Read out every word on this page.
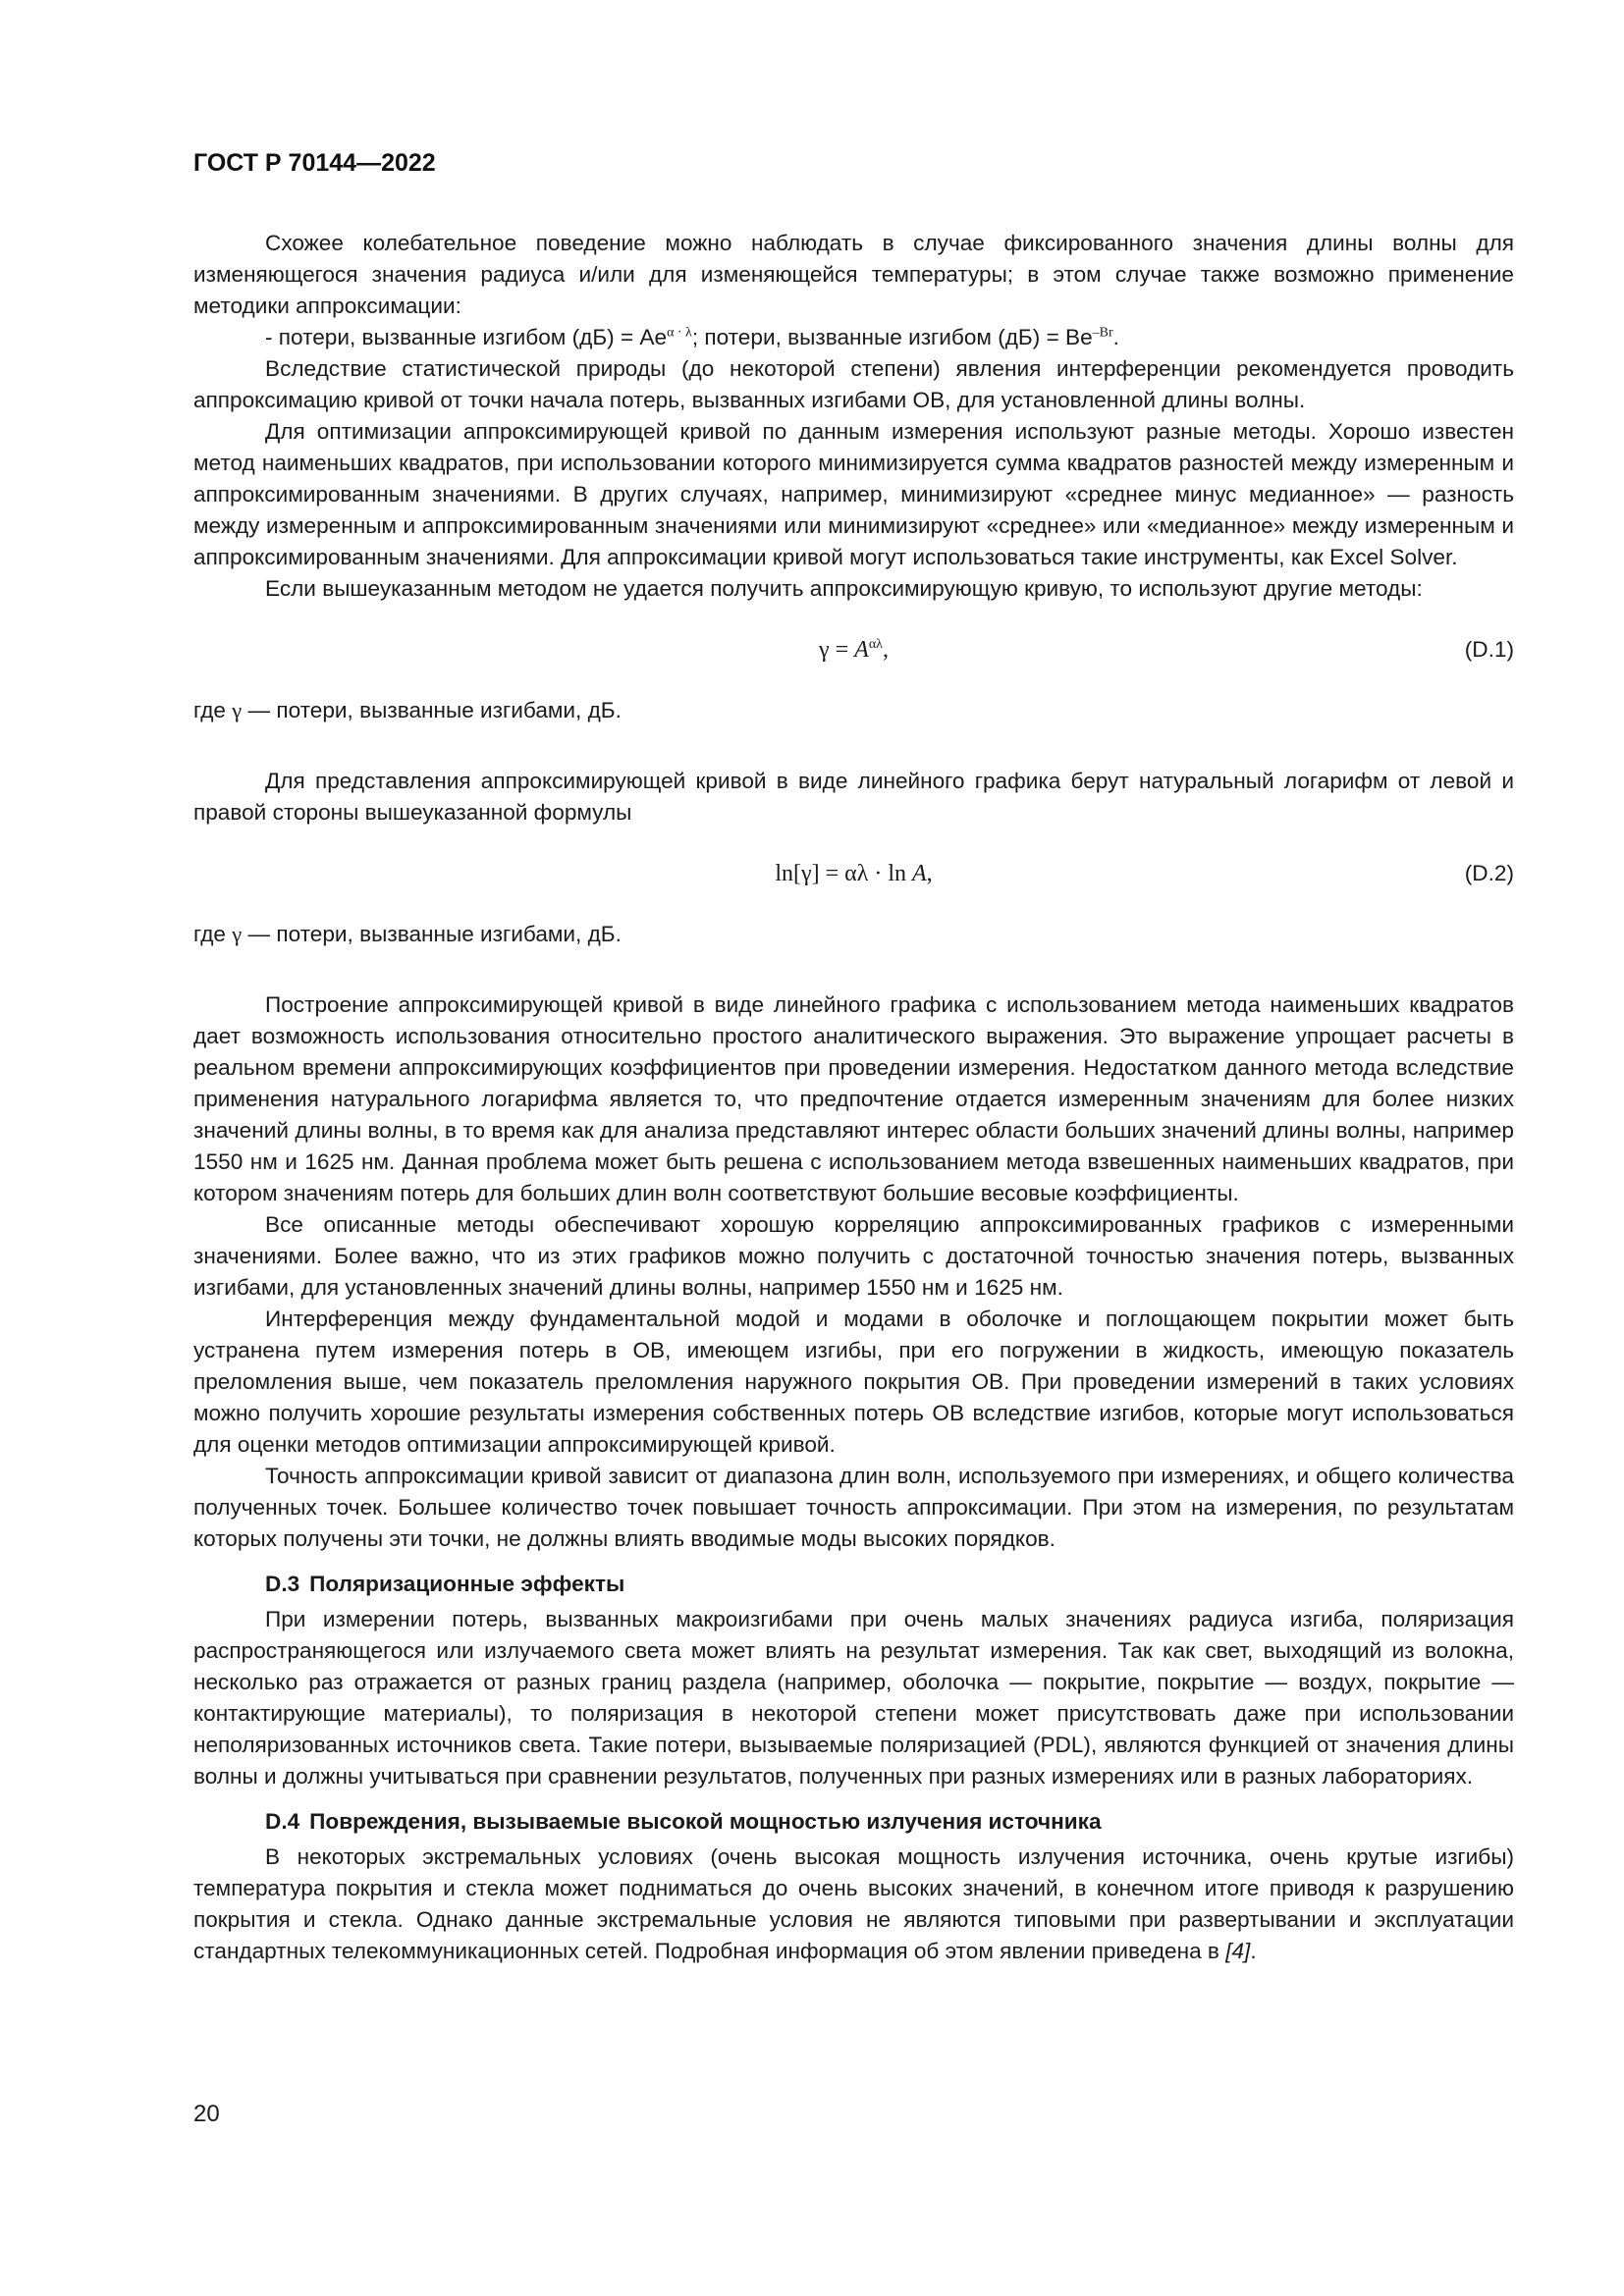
ГОСТ Р 70144—2022

Схожее колебательное поведение можно наблюдать в случае фиксированного значения длины волны для изменяющегося значения радиуса и/или для изменяющейся температуры; в этом случае также возможно применение методики аппроксимации:

- потери, вызванные изгибом $(дБ) = Ae^{\alpha \cdot \lambda}$; потери, вызванные изгибом $(дБ) = Be^{-Br}$.

Вследствие статистической природы (до некоторой степени) явления интерференции рекомендуется проводить аппроксимацию кривой от точки начала потерь, вызванных изгибами ОВ, для установленной длины волны.

Для оптимизации аппроксимирующей кривой по данным измерения используют разные методы. Хорошо известен метод наименьших квадратов, при использовании которого минимизируется сумма квадратов разностей между измеренным и аппроксимированным значениями. В других случаях, например, минимизируют «среднее минус медианное» — разность между измеренным и аппроксимированным значениями или минимизируют «среднее» или «медианное» между измеренным и аппроксимированным значениями. Для аппроксимации кривой могут использоваться такие инструменты, как Excel Solver.

Если вышеуказанным методом не удается получить аппроксимирующую кривую, то используют другие методы:

$\gamma = A^{\alpha\lambda}$,	(D.1)

где γ — потери, вызванные изгибами, дБ.

Для представления аппроксимирующей кривой в виде линейного графика берут натуральный логарифм от левой и правой стороны вышеуказанной формулы

ln[γ] = αλ · ln A,	(D.2)

где γ — потери, вызванные изгибами, дБ.

Построение аппроксимирующей кривой в виде линейного графика с использованием метода наименьших квадратов дает возможность использования относительно простого аналитического выражения. Это выражение упрощает расчеты в реальном времени аппроксимирующих коэффициентов при проведении измерения. Недостатком данного метода вследствие применения натурального логарифма является то, что предпочтение отдается измеренным значениям для более низких значений длины волны, в то время как для анализа представляют интерес области больших значений длины волны, например 1550 нм и 1625 нм. Данная проблема может быть решена с использованием метода взвешенных наименьших квадратов, при котором значениям потерь для больших длин волн соответствуют большие весовые коэффициенты.

Все описанные методы обеспечивают хорошую корреляцию аппроксимированных графиков с измеренными значениями. Более важно, что из этих графиков можно получить с достаточной точностью значения потерь, вызванных изгибами, для установленных значений длины волны, например 1550 нм и 1625 нм.

Интерференция между фундаментальной модой и модами в оболочке и поглощающем покрытии может быть устранена путем измерения потерь в ОВ, имеющем изгибы, при его погружении в жидкость, имеющую показатель преломления выше, чем показатель преломления наружного покрытия ОВ. При проведении измерений в таких условиях можно получить хорошие результаты измерения собственных потерь ОВ вследствие изгибов, которые могут использоваться для оценки методов оптимизации аппроксимирующей кривой.

Точность аппроксимации кривой зависит от диапазона длин волн, используемого при измерениях, и общего количества полученных точек. Большее количество точек повышает точность аппроксимации. При этом на измерения, по результатам которых получены эти точки, не должны влиять вводимые моды высоких порядков.

D.3 Поляризационные эффекты

При измерении потерь, вызванных макроизгибами при очень малых значениях радиуса изгиба, поляризация распространяющегося или излучаемого света может влиять на результат измерения. Так как свет, выходящий из волокна, несколько раз отражается от разных границ раздела (например, оболочка — покрытие, покрытие — воздух, покрытие — контактирующие материалы), то поляризация в некоторой степени может присутствовать даже при использовании неполяризованных источников света. Такие потери, вызываемые поляризацией (PDL), являются функцией от значения длины волны и должны учитываться при сравнении результатов, полученных при разных измерениях или в разных лабораториях.

D.4 Повреждения, вызываемые высокой мощностью излучения источника

В некоторых экстремальных условиях (очень высокая мощность излучения источника, очень крутые изгибы) температура покрытия и стекла может подниматься до очень высоких значений, в конечном итоге приводя к разрушению покрытия и стекла. Однако данные экстремальные условия не являются типовыми при развертывании и эксплуатации стандартных телекоммуникационных сетей. Подробная информация об этом явлении приведена в [4].

20
